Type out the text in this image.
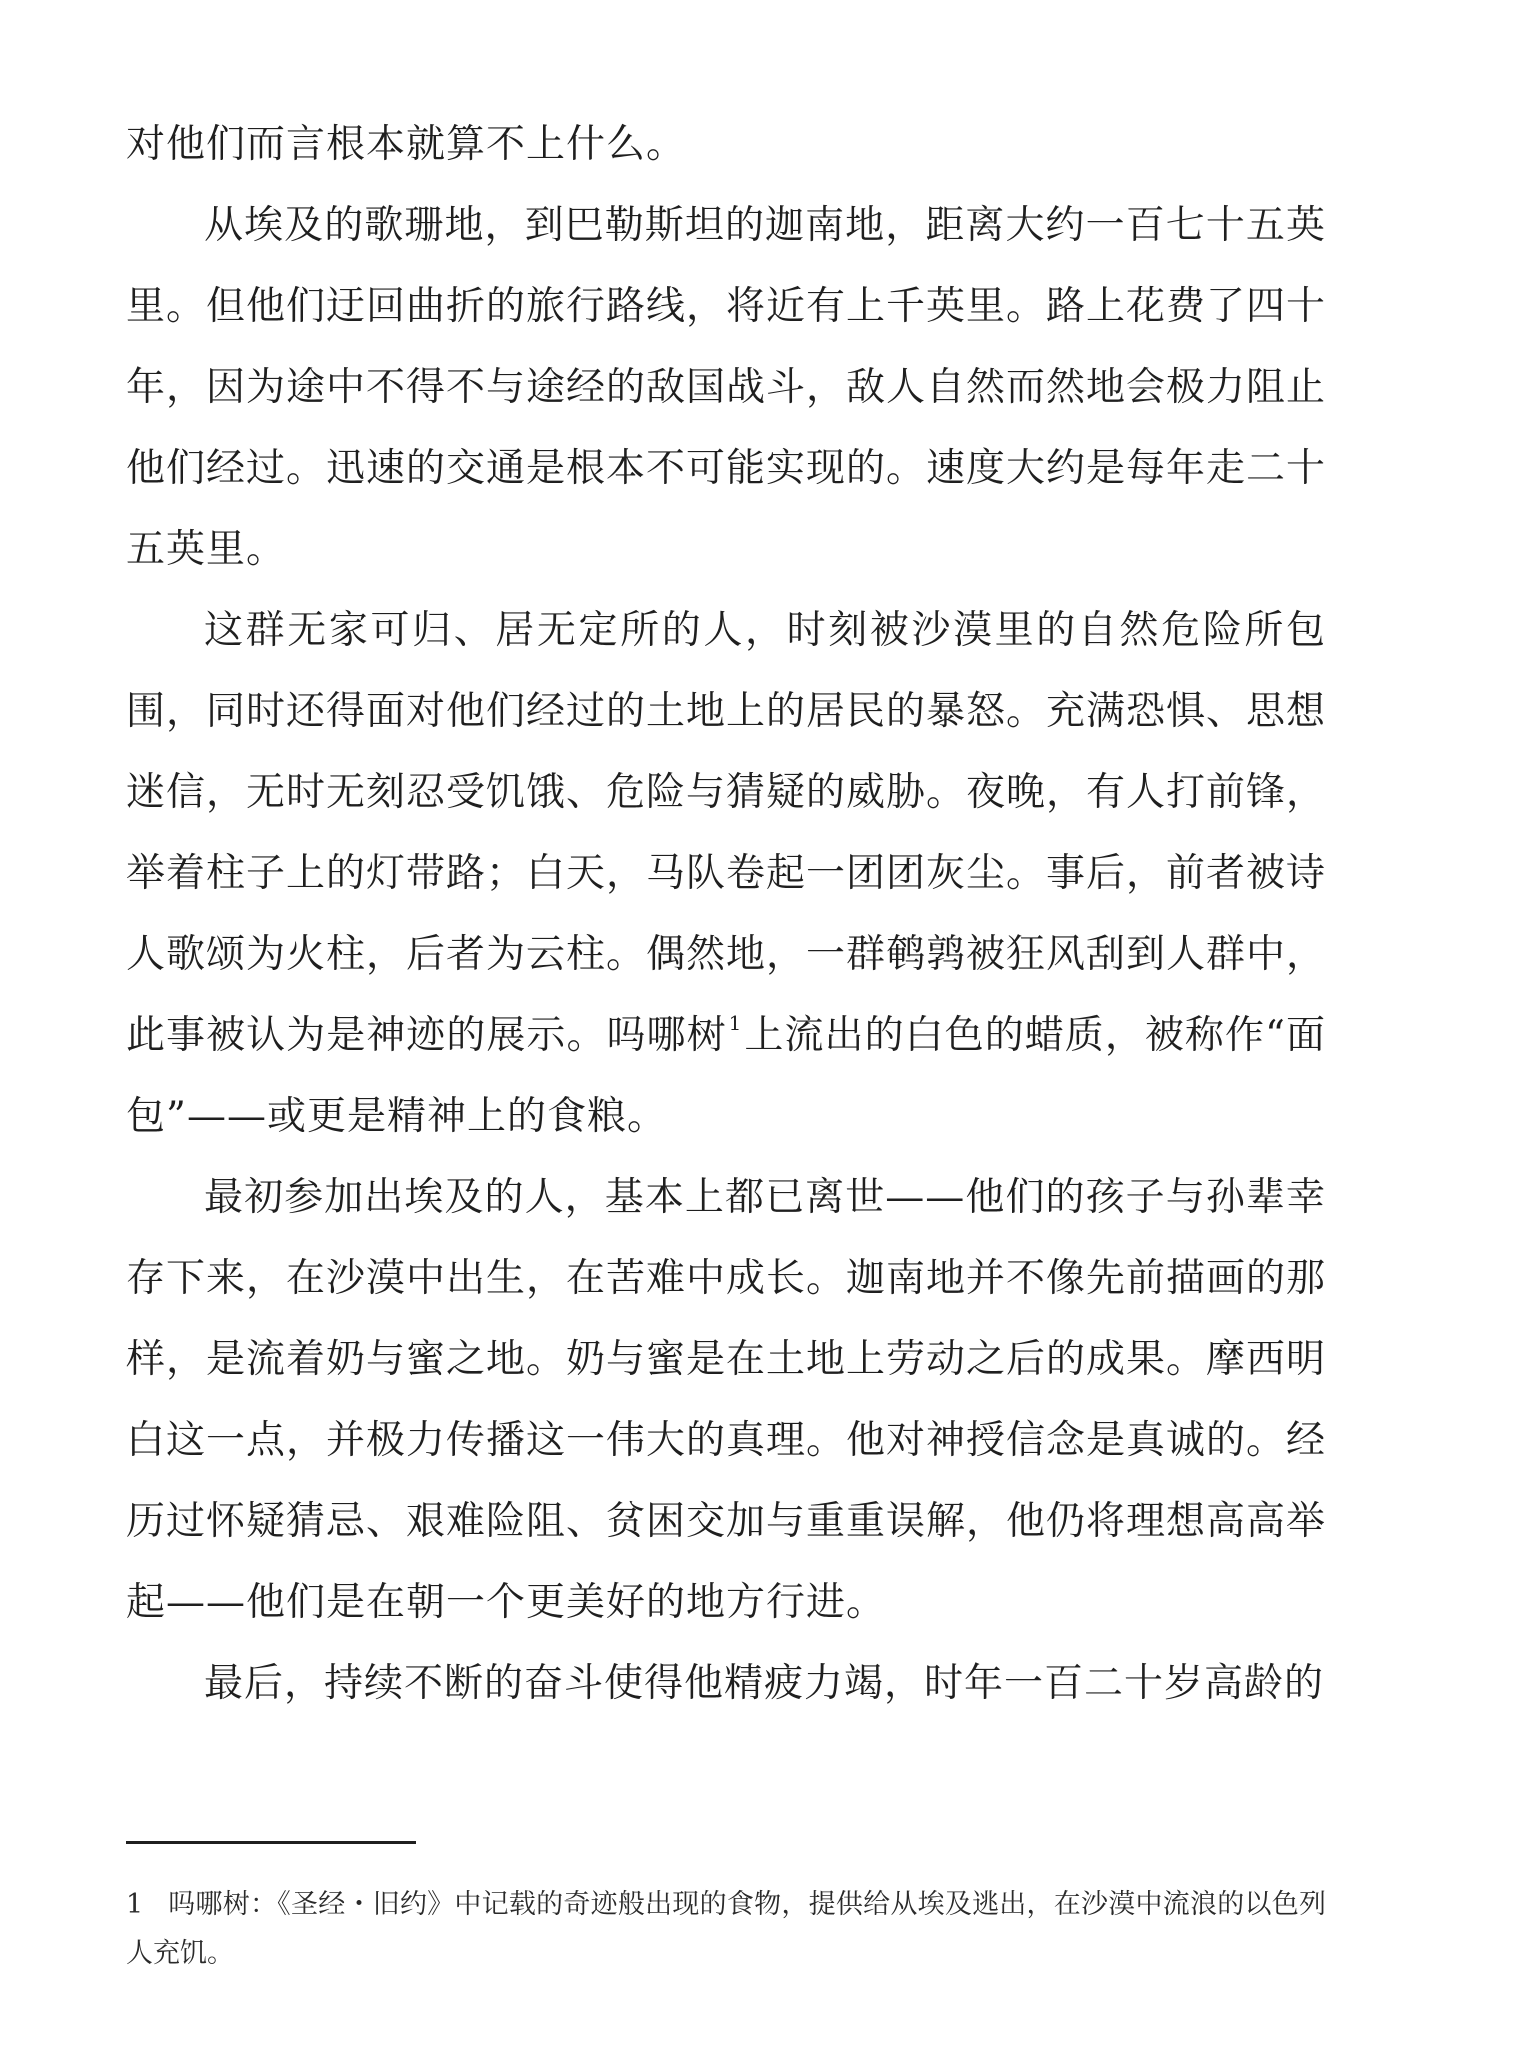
对他们而言根本就算不上什么。

从埃及的歌珊地，到巴勒斯坦的迦南地，距离大约一百七十五英里。但他们迂回曲折的旅行路线，将近有上千英里。路上花费了四十年，因为途中不得不与途经的敌国战斗，敌人自然而然地会极力阻止他们经过。迅速的交通是根本不可能实现的。速度大约是每年走二十五英里。

这群无家可归、居无定所的人，时刻被沙漠里的自然危险所包围，同时还得面对他们经过的土地上的居民的暴怒。充满恐惧、思想迷信，无时无刻忍受饥饿、危险与猜疑的威胁。夜晚，有人打前锋，举着柱子上的灯带路；白天，马队卷起一团团灰尘。事后，前者被诗人歌颂为火柱，后者为云柱。偶然地，一群鹌鹑被狂风刮到人群中，此事被认为是神迹的展示。吗哪树 $^1$上流出的白色的蜡质，被称作“面包”——或更是精神上的食粮。

最初参加出埃及的人，基本上都已离世——他们的孩子与孙辈幸存下来，在沙漠中出生，在苦难中成长。迦南地并不像先前描画的那样，是流着奶与蜜之地。奶与蜜是在土地上劳动之后的成果。摩西明白这一点，并极力传播这一伟大的真理。他对神授信念是真诚的。经历过怀疑猜忌、艰难险阻、贫困交加与重重误解，他仍将理想高高举起——他们是在朝一个更美好的地方行进。

最后，持续不断的奋斗使得他精疲力竭，时年一百二十岁高龄的

1 吗哪树：《圣经・旧约》中记载的奇迹般出现的食物，提供给从埃及逃出，在沙漠中流浪的以色列人充饥。
